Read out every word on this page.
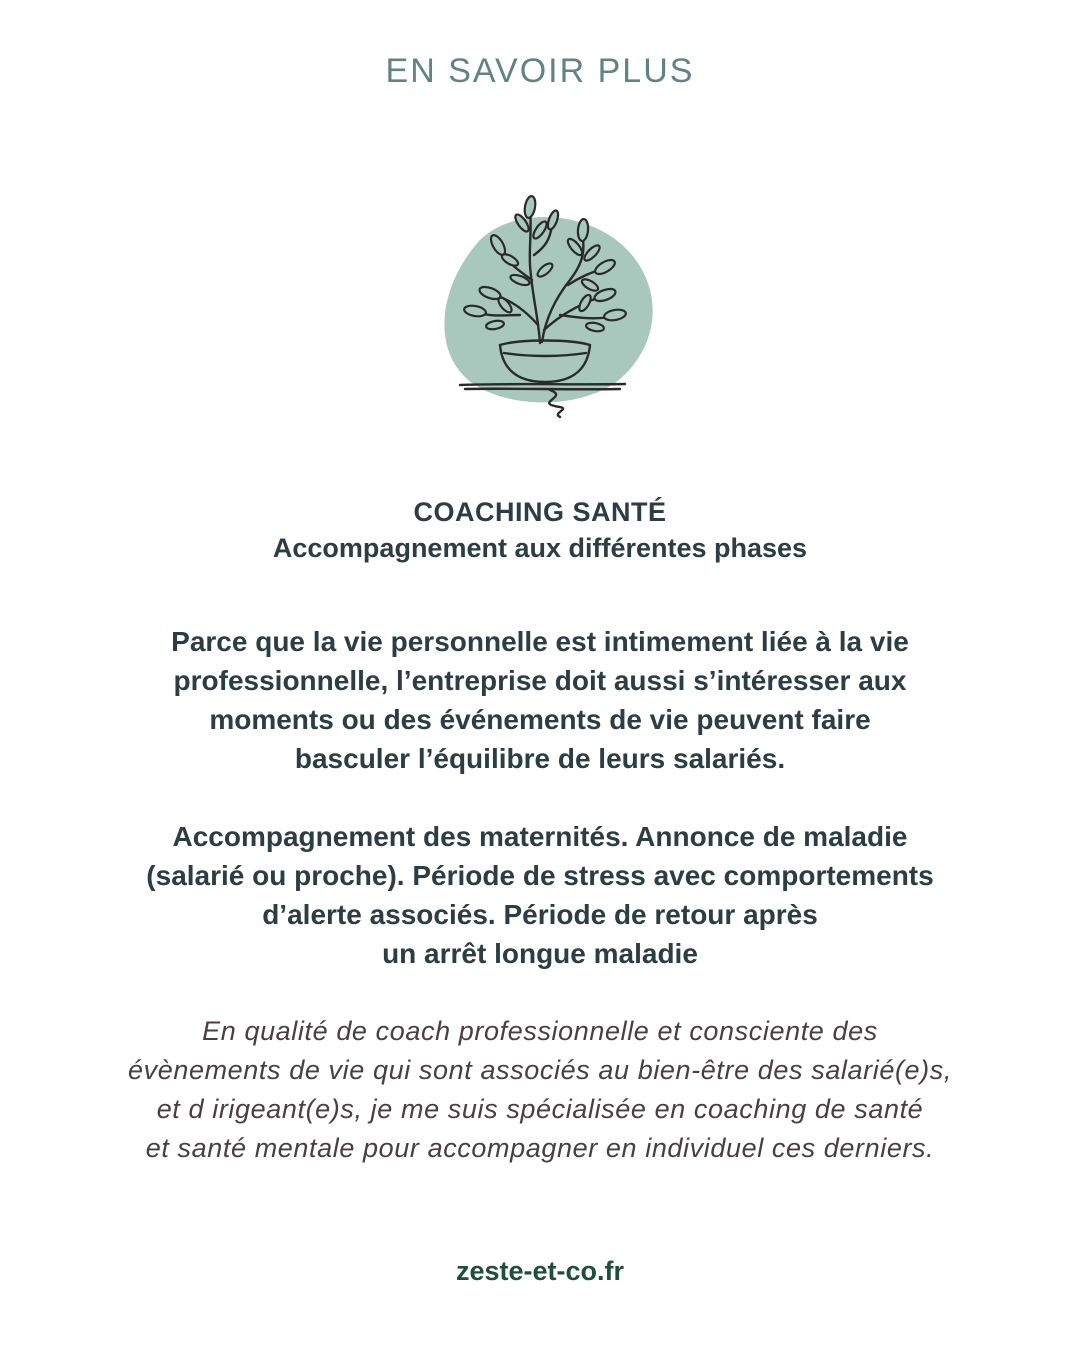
EN SAVOIR PLUS
COACHING SANTÉ
Accompagnement aux différentes phases
Parce que la vie personnelle est intimement liée à la vie
professionnelle, l’entreprise doit aussi s’intéresser aux
moments ou des événements de vie peuvent faire
basculer l’équilibre de leurs salariés.
Accompagnement des maternités. Annonce de maladie
(salarié ou proche). Période de stress avec comportements
d’alerte associés. Période de retour après
un arrêt longue maladie
En qualité de coach professionnelle et consciente des
évènements de vie qui sont associés au bien-être des salarié(e)s,
et d irigeant(e)s, je me suis spécialisée en coaching de santé
et santé mentale pour accompagner en individuel ces derniers.
zeste-et-co.fr
